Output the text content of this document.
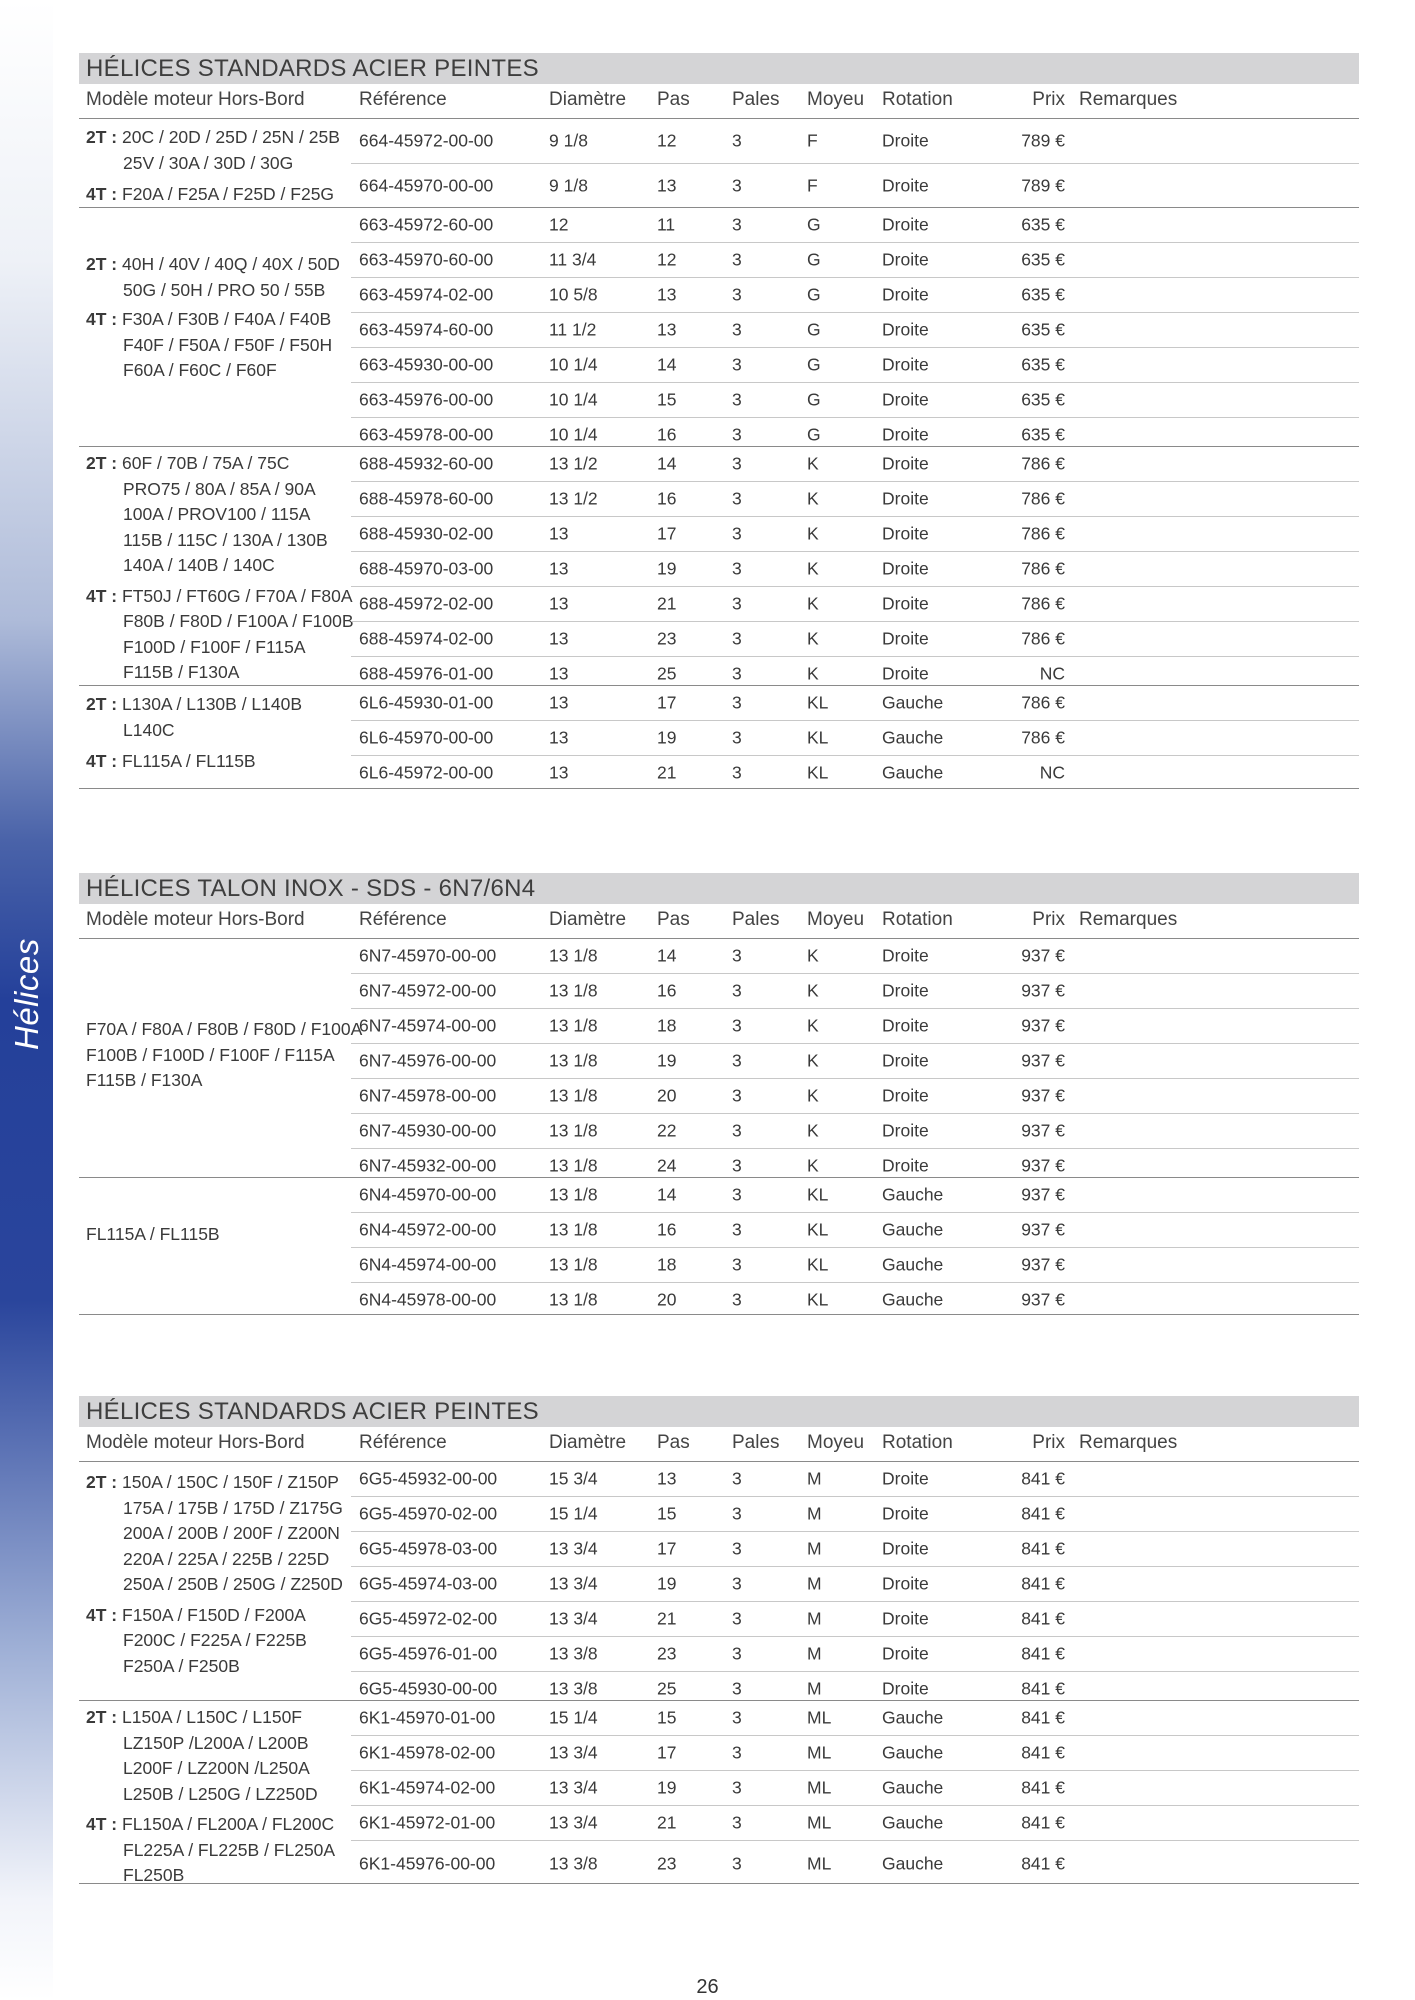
Hélices
HÉLICES STANDARDS ACIER PEINTES
Modèle moteur Hors-Bord	Référence	Diamètre Pas Pales Moyeu Rotation	Prix Remarques
2T : 20C / 20D / 25D / 25N / 25B
25V / 30A / 30D / 30G
4T : F20A / F25A / F25D / F25G
664-45972-00-00	9 1/8	12	3	F	Droite	789 €
664-45970-00-00	9 1/8	13	3	F	Droite	789 €
2T : 40H / 40V / 40Q / 40X / 50D
50G / 50H / PRO 50 / 55B
4T : F30A / F30B / F40A / F40B
F40F / F50A / F50F / F50H
F60A / F60C / F60F
663-45972-60-00	12	11	3	G	Droite	635 €
663-45970-60-00	11 3/4	12	3	G	Droite	635 €
663-45974-02-00	10 5/8	13	3	G	Droite	635 €
663-45974-60-00	11 1/2	13	3	G	Droite	635 €
663-45930-00-00	10 1/4	14	3	G	Droite	635 €
663-45976-00-00	10 1/4	15	3	G	Droite	635 €
663-45978-00-00	10 1/4	16	3	G	Droite	635 €
2T : 60F / 70B / 75A / 75C
PRO75 / 80A / 85A / 90A
100A / PROV100 / 115A
115B / 115C / 130A / 130B
140A / 140B / 140C
4T : FT50J / FT60G / F70A / F80A
F80B / F80D / F100A / F100B
F100D / F100F / F115A
F115B / F130A
688-45932-60-00	13 1/2	14	3	K	Droite	786 €
688-45978-60-00	13 1/2	16	3	K	Droite	786 €
688-45930-02-00	13	17	3	K	Droite	786 €
688-45970-03-00	13	19	3	K	Droite	786 €
688-45972-02-00	13	21	3	K	Droite	786 €
688-45974-02-00	13	23	3	K	Droite	786 €
688-45976-01-00	13	25	3	K	Droite	NC
2T : L130A / L130B / L140B
L140C
4T : FL115A / FL115B
6L6-45930-01-00	13	17	3	KL	Gauche	786 €
6L6-45970-00-00	13	19	3	KL	Gauche	786 €
6L6-45972-00-00	13	21	3	KL	Gauche	NC
HÉLICES TALON INOX - SDS - 6N7/6N4
Modèle moteur Hors-Bord	Référence	Diamètre Pas Pales Moyeu Rotation	Prix Remarques
F70A / F80A / F80B / F80D / F100A
F100B / F100D / F100F / F115A
F115B / F130A
6N7-45970-00-00	13 1/8	14	3	K	Droite	937 €
6N7-45972-00-00	13 1/8	16	3	K	Droite	937 €
6N7-45974-00-00	13 1/8	18	3	K	Droite	937 €
6N7-45976-00-00	13 1/8	19	3	K	Droite	937 €
6N7-45978-00-00	13 1/8	20	3	K	Droite	937 €
6N7-45930-00-00	13 1/8	22	3	K	Droite	937 €
6N7-45932-00-00	13 1/8	24	3	K	Droite	937 €
FL115A / FL115B
6N4-45970-00-00	13 1/8	14	3	KL	Gauche	937 €
6N4-45972-00-00	13 1/8	16	3	KL	Gauche	937 €
6N4-45974-00-00	13 1/8	18	3	KL	Gauche	937 €
6N4-45978-00-00	13 1/8	20	3	KL	Gauche	937 €
HÉLICES STANDARDS ACIER PEINTES
Modèle moteur Hors-Bord	Référence	Diamètre Pas Pales Moyeu Rotation	Prix Remarques
2T : 150A / 150C / 150F / Z150P
175A / 175B / 175D / Z175G
200A / 200B / 200F / Z200N
220A / 225A / 225B / 225D
250A / 250B / 250G / Z250D
4T : F150A / F150D / F200A
F200C / F225A / F225B
F250A / F250B
6G5-45932-00-00	15 3/4	13	3	M	Droite	841 €
6G5-45970-02-00	15 1/4	15	3	M	Droite	841 €
6G5-45978-03-00	13 3/4	17	3	M	Droite	841 €
6G5-45974-03-00	13 3/4	19	3	M	Droite	841 €
6G5-45972-02-00	13 3/4	21	3	M	Droite	841 €
6G5-45976-01-00	13 3/8	23	3	M	Droite	841 €
6G5-45930-00-00	13 3/8	25	3	M	Droite	841 €
2T : L150A / L150C / L150F
LZ150P /L200A / L200B
L200F / LZ200N /L250A
L250B / L250G / LZ250D
4T : FL150A / FL200A / FL200C
FL225A / FL225B / FL250A
FL250B
6K1-45970-01-00	15 1/4	15	3	ML	Gauche	841 €
6K1-45978-02-00	13 3/4	17	3	ML	Gauche	841 €
6K1-45974-02-00	13 3/4	19	3	ML	Gauche	841 €
6K1-45972-01-00	13 3/4	21	3	ML	Gauche	841 €
6K1-45976-00-00	13 3/8	23	3	ML	Gauche	841 €
26
